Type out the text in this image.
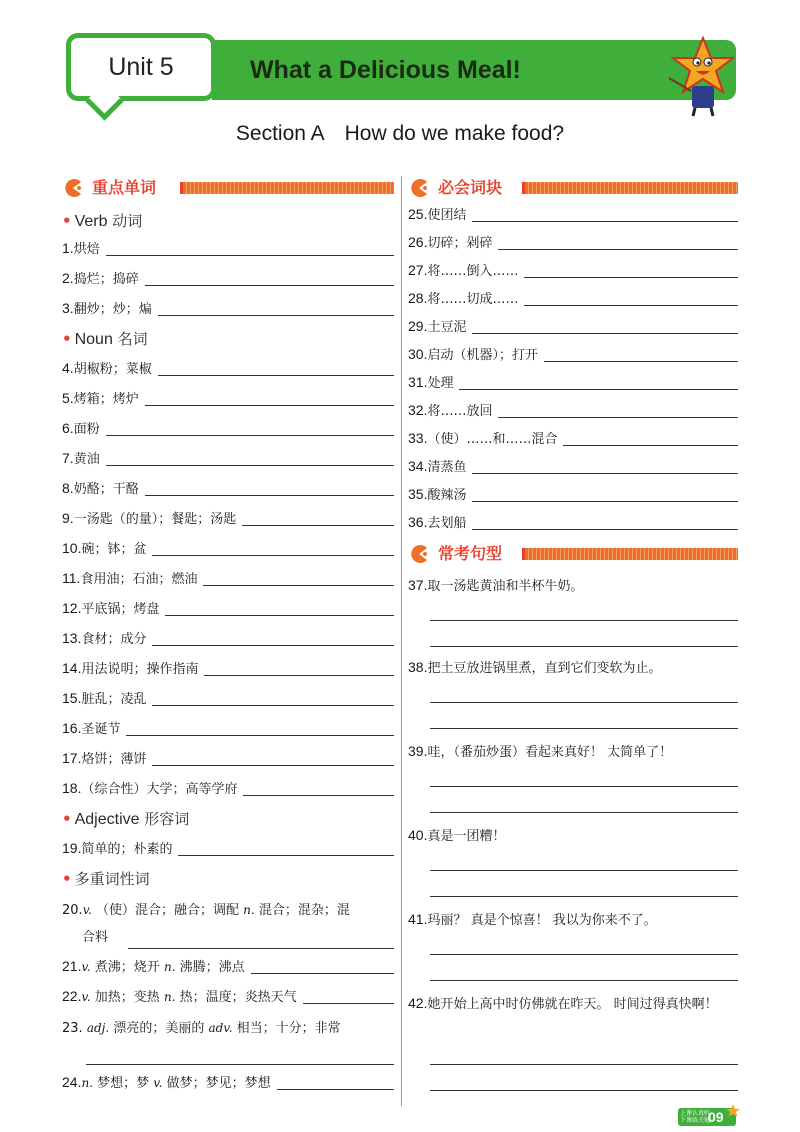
What a Delicious Meal!
Unit 5
Section A How do we make food?
重点单词
• Verb 动词
1.烘焙
2.捣烂；捣碎
3.翻炒；炒；煸
4.胡椒粉；菜椒
5.烤箱；烤炉
6.面粉
7.黄油
8.奶酪；干酪
9.一汤匙（的量）；餐匙；汤匙
10.碗；钵；盆
11.食用油；石油；燃油
12.平底锅；烤盘
13.食材；成分
14.用法说明；操作指南
15.脏乱；凌乱
16.圣诞节
17.烙饼；薄饼
18.（综合性）大学；高等学府
19.简单的；朴素的
• Noun 名词
• Adjective 形容词
• 多重词性词
20.v. （使）混合；融合；调配 n. 混合；混杂；混
合料
21.v. 煮沸；烧开 n. 沸腾；沸点
22.v. 加热；变热 n. 热；温度；炎热天气
23. adj. 漂亮的；美丽的 adv. 相当；十分；非常
24.n. 梦想；梦 v. 做梦；梦见；梦想
必会词块
25.使团结
26.切碎；剁碎
27.将……倒入……
28.将……切成……
29.土豆泥
30.启动（机器）；打开
31.处理
32.将……放回
33.（使）……和……混合
34.清蒸鱼
35.酸辣汤
36.去划船
常考句型
37.取一汤匙黄油和半杯牛奶。
38.把土豆放进锅里煮，直到它们变软为止。
39.哇，（番茄炒蛋）看起来真好！ 太简单了！
40.真是一团糟！
41.玛丽？ 真是个惊喜！ 我以为你来不了。
42.她开始上高中时仿佛就在昨天。 时间过得真快啊！
上课认真听
下课练关键
09
